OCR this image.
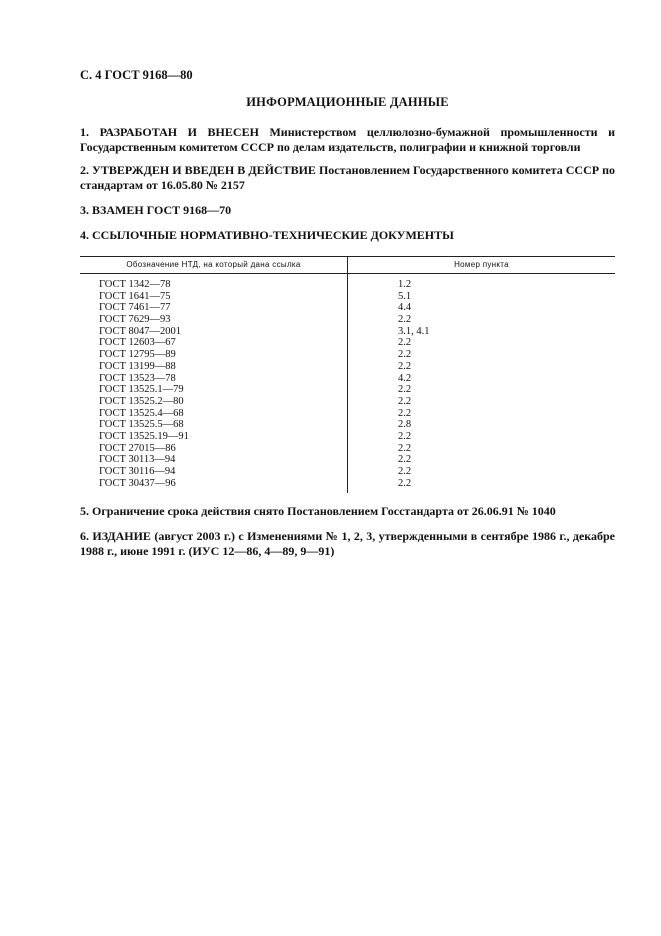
С. 4 ГОСТ 9168—80
ИНФОРМАЦИОННЫЕ ДАННЫЕ
1. РАЗРАБОТАН И ВНЕСЕН Министерством целлюлозно-бумажной промышленности и Государственным комитетом СССР по делам издательств, полиграфии и книжной торговли
2. УТВЕРЖДЕН И ВВЕДЕН В ДЕЙСТВИЕ Постановлением Государственного комитета СССР по стандартам от 16.05.80 № 2157
3. ВЗАМЕН ГОСТ 9168—70
4. ССЫЛОЧНЫЕ НОРМАТИВНО-ТЕХНИЧЕСКИЕ ДОКУМЕНТЫ
Обозначение НТД, на который дана ссылка	Номер пункта
ГОСТ 1342—78	1.2
ГОСТ 1641—75	5.1
ГОСТ 7461—77	4.4
ГОСТ 7629—93	2.2
ГОСТ 8047—2001	3.1, 4.1
ГОСТ 12603—67	2.2
ГОСТ 12795—89	2.2
ГОСТ 13199—88	2.2
ГОСТ 13523—78	4.2
ГОСТ 13525.1—79	2.2
ГОСТ 13525.2—80	2.2
ГОСТ 13525.4—68	2.2
ГОСТ 13525.5—68	2.8
ГОСТ 13525.19—91	2.2
ГОСТ 27015—86	2.2
ГОСТ 30113—94	2.2
ГОСТ 30116—94	2.2
ГОСТ 30437—96	2.2
5. Ограничение срока действия снято Постановлением Госстандарта от 26.06.91 № 1040
6. ИЗДАНИЕ (август 2003 г.) с Изменениями № 1, 2, 3, утвержденными в сентябре 1986 г., декабре 1988 г., июне 1991 г. (ИУС 12—86, 4—89, 9—91)
